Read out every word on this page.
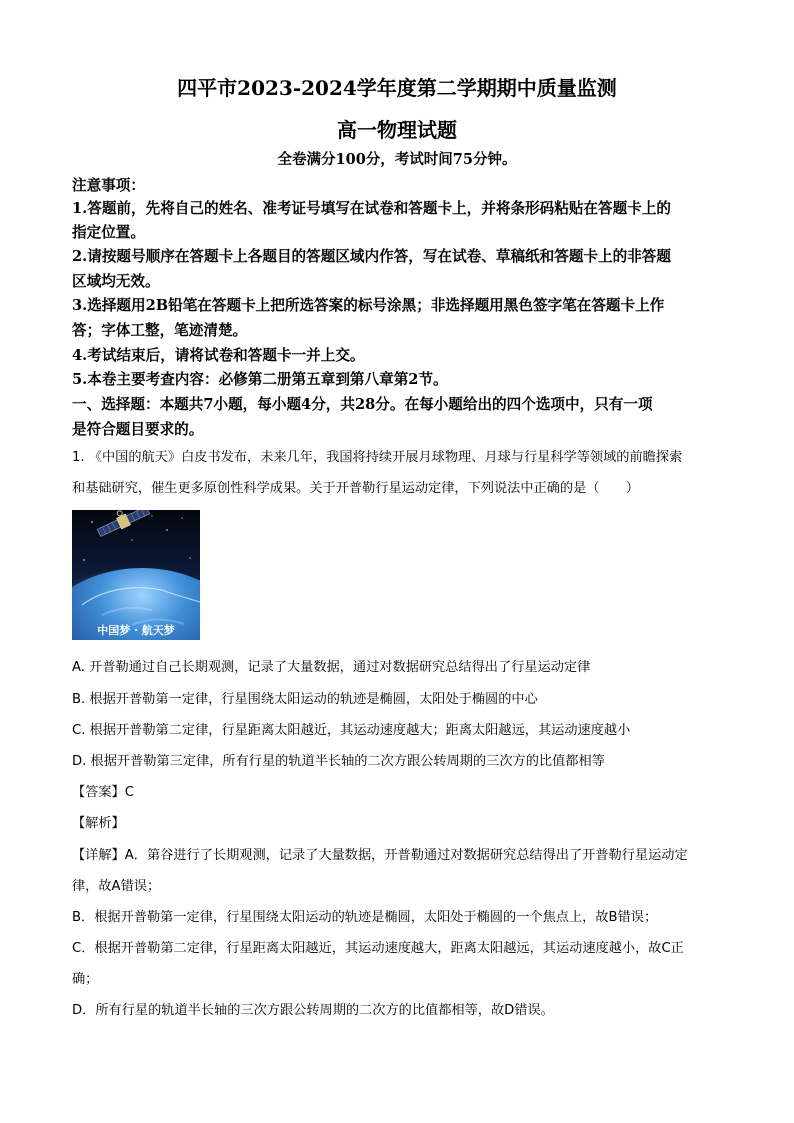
四平市2023-2024学年度第二学期期中质量监测
高一物理试题
全卷满分100分，考试时间75分钟。
注意事项：
1.答题前，先将自己的姓名、准考证号填写在试卷和答题卡上，并将条形码粘贴在答题卡上的
指定位置。
2.请按题号顺序在答题卡上各题目的答题区域内作答，写在试卷、草稿纸和答题卡上的非答题
区域均无效。
3.选择题用2B铅笔在答题卡上把所选答案的标号涂黑；非选择题用黑色签字笔在答题卡上作
答；字体工整，笔迹清楚。
4.考试结束后，请将试卷和答题卡一并上交。
5.本卷主要考查内容：必修第二册第五章到第八章第2节。
一、选择题：本题共7小题，每小题4分，共28分。在每小题给出的四个选项中，只有一项
是符合题目要求的。
1. 《中国的航天》白皮书发布，未来几年，我国将持续开展月球物理、月球与行星科学等领域的前瞻探索
和基础研究，催生更多原创性科学成果。关于开普勒行星运动定律，下列说法中正确的是（　　）
中国梦 · 航天梦
A. 开普勒通过自己长期观测，记录了大量数据，通过对数据研究总结得出了行星运动定律
B. 根据开普勒第一定律，行星围绕太阳运动的轨迹是椭圆，太阳处于椭圆的中心
C. 根据开普勒第二定律，行星距离太阳越近，其运动速度越大；距离太阳越远，其运动速度越小
D. 根据开普勒第三定律，所有行星的轨道半长轴的二次方跟公转周期的三次方的比值都相等
【答案】C
【解析】
【详解】A．第谷进行了长期观测，记录了大量数据，开普勒通过对数据研究总结得出了开普勒行星运动定
律，故A错误；
B．根据开普勒第一定律，行星围绕太阳运动的轨迹是椭圆，太阳处于椭圆的一个焦点上，故B错误；
C．根据开普勒第二定律，行星距离太阳越近，其运动速度越大，距离太阳越远，其运动速度越小，故C正
确；
D．所有行星的轨道半长轴的三次方跟公转周期的二次方的比值都相等，故D错误。
